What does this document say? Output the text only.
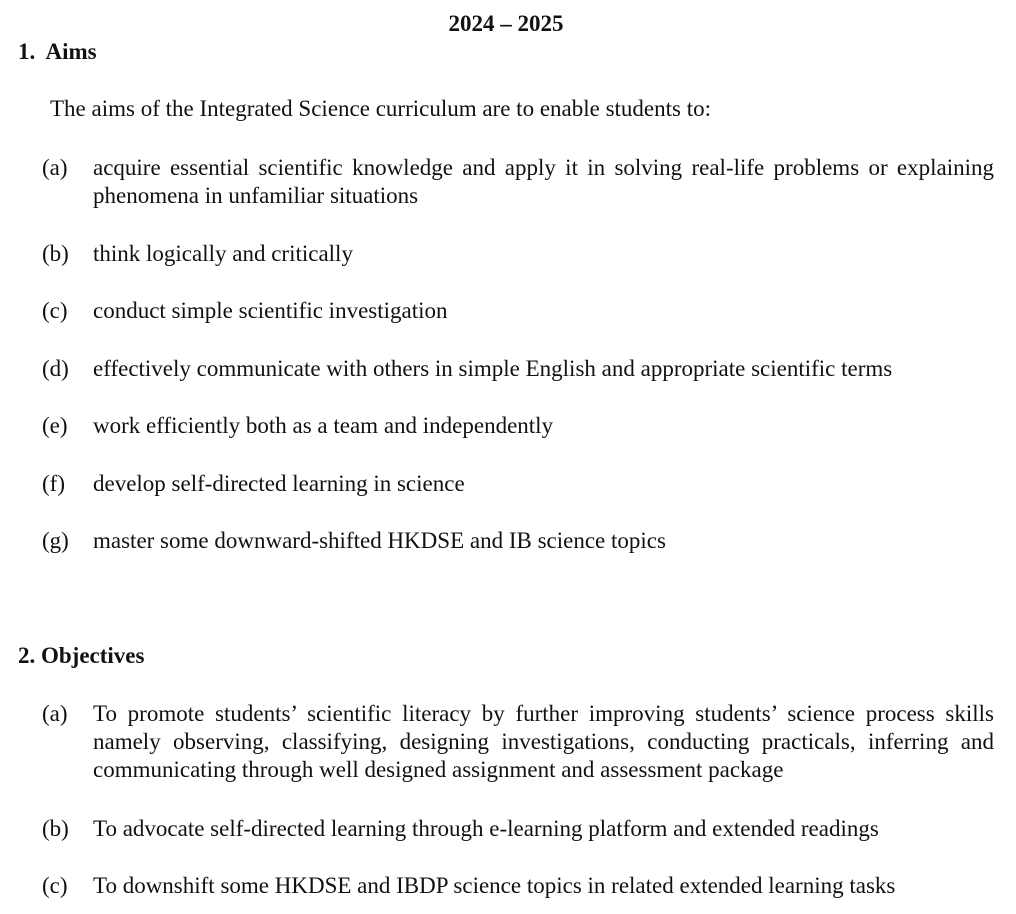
2024 – 2025
1. Aims
The aims of the Integrated Science curriculum are to enable students to:
(a)	acquire essential scientific knowledge and apply it in solving real-life problems or explaining phenomena in unfamiliar situations
(b)	think logically and critically
(c)	conduct simple scientific investigation
(d)	effectively communicate with others in simple English and appropriate scientific terms
(e)	work efficiently both as a team and independently
(f)	develop self-directed learning in science
(g)	master some downward-shifted HKDSE and IB science topics
2. Objectives
(a)	To promote students’ scientific literacy by further improving students’ science process skills namely observing, classifying, designing investigations, conducting practicals, inferring and communicating through well designed assignment and assessment package
(b)	To advocate self-directed learning through e-learning platform and extended readings
(c)	To downshift some HKDSE and IBDP science topics in related extended learning tasks
